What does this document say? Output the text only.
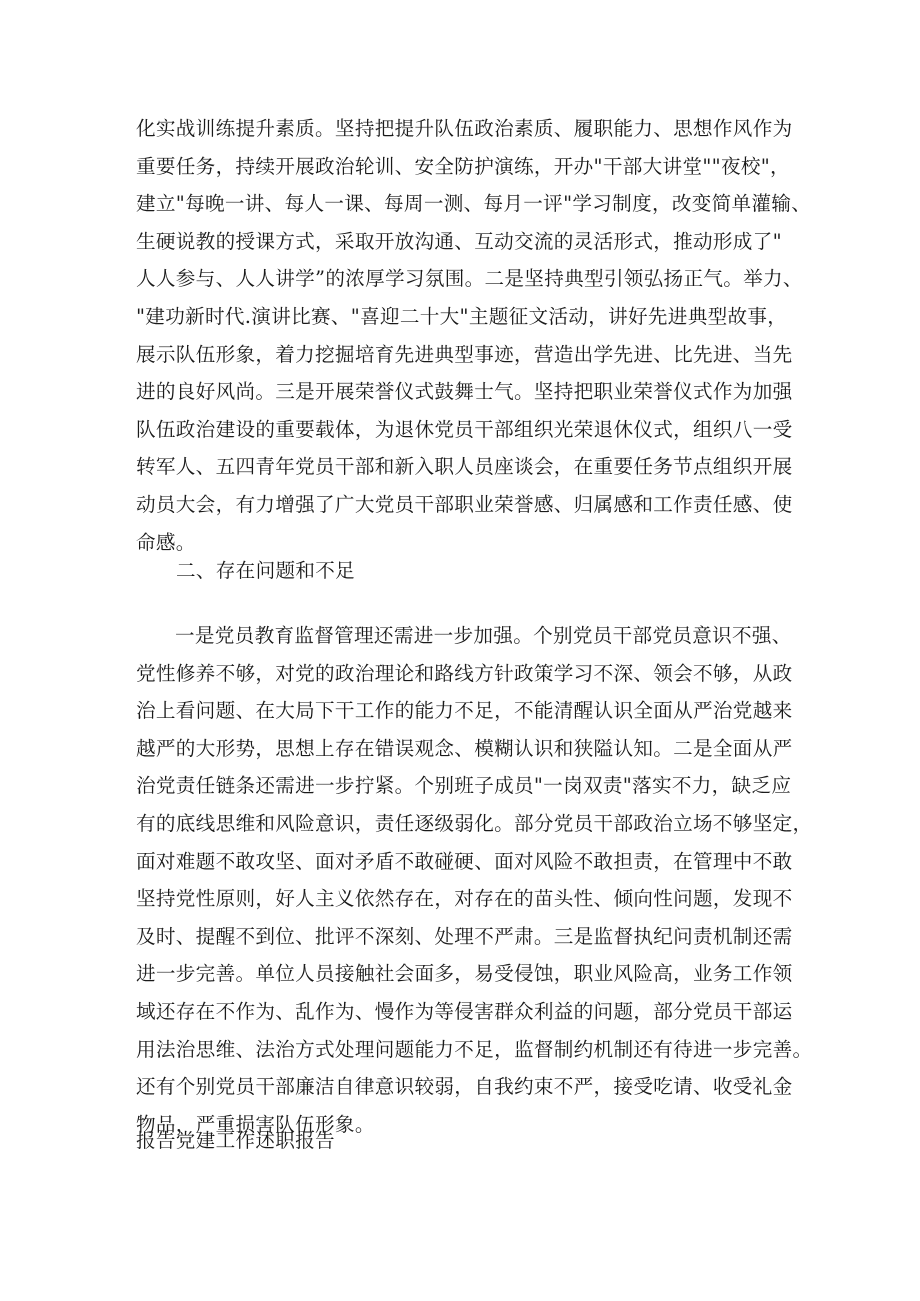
化实战训练提升素质。坚持把提升队伍政治素质、履职能力、思想作风作为
重要任务，持续开展政治轮训、安全防护演练，开办"干部大讲堂""夜校"，
建立"每晚一讲、每人一课、每周一测、每月一评"学习制度，改变简单灌输、
生硬说教的授课方式，采取开放沟通、互动交流的灵活形式，推动形成了"
人人参与、人人讲学”的浓厚学习氛围。二是坚持典型引领弘扬正气。举力、
"建功新时代.演讲比赛、"喜迎二十大"主题征文活动，讲好先进典型故事，
展示队伍形象，着力挖掘培育先进典型事迹，营造出学先进、比先进、当先
进的良好风尚。三是开展荣誉仪式鼓舞士气。坚持把职业荣誉仪式作为加强
队伍政治建设的重要载体，为退休党员干部组织光荣退休仪式，组织八一受
转军人、五四青年党员干部和新入职人员座谈会，在重要任务节点组织开展
动员大会，有力增强了广大党员干部职业荣誉感、归属感和工作责任感、使
命感。
二、存在问题和不足
一是党员教育监督管理还需进一步加强。个别党员干部党员意识不强、
党性修养不够，对党的政治理论和路线方针政策学习不深、领会不够，从政
治上看问题、在大局下干工作的能力不足，不能清醒认识全面从严治党越来
越严的大形势，思想上存在错误观念、模糊认识和狭隘认知。二是全面从严
治党责任链条还需进一步拧紧。个别班子成员"一岗双责"落实不力，缺乏应
有的底线思维和风险意识，责任逐级弱化。部分党员干部政治立场不够坚定，
面对难题不敢攻坚、面对矛盾不敢碰硬、面对风险不敢担责，在管理中不敢
坚持党性原则，好人主义依然存在，对存在的苗头性、倾向性问题，发现不
及时、提醒不到位、批评不深刻、处理不严肃。三是监督执纪问责机制还需
进一步完善。单位人员接触社会面多，易受侵蚀，职业风险高，业务工作领
域还存在不作为、乱作为、慢作为等侵害群众利益的问题，部分党员干部运
用法治思维、法治方式处理问题能力不足，监督制约机制还有待进一步完善。
还有个别党员干部廉洁自律意识较弱，自我约束不严，接受吃请、收受礼金
物品，严重损害队伍形象。
报告党建工作述职报告
